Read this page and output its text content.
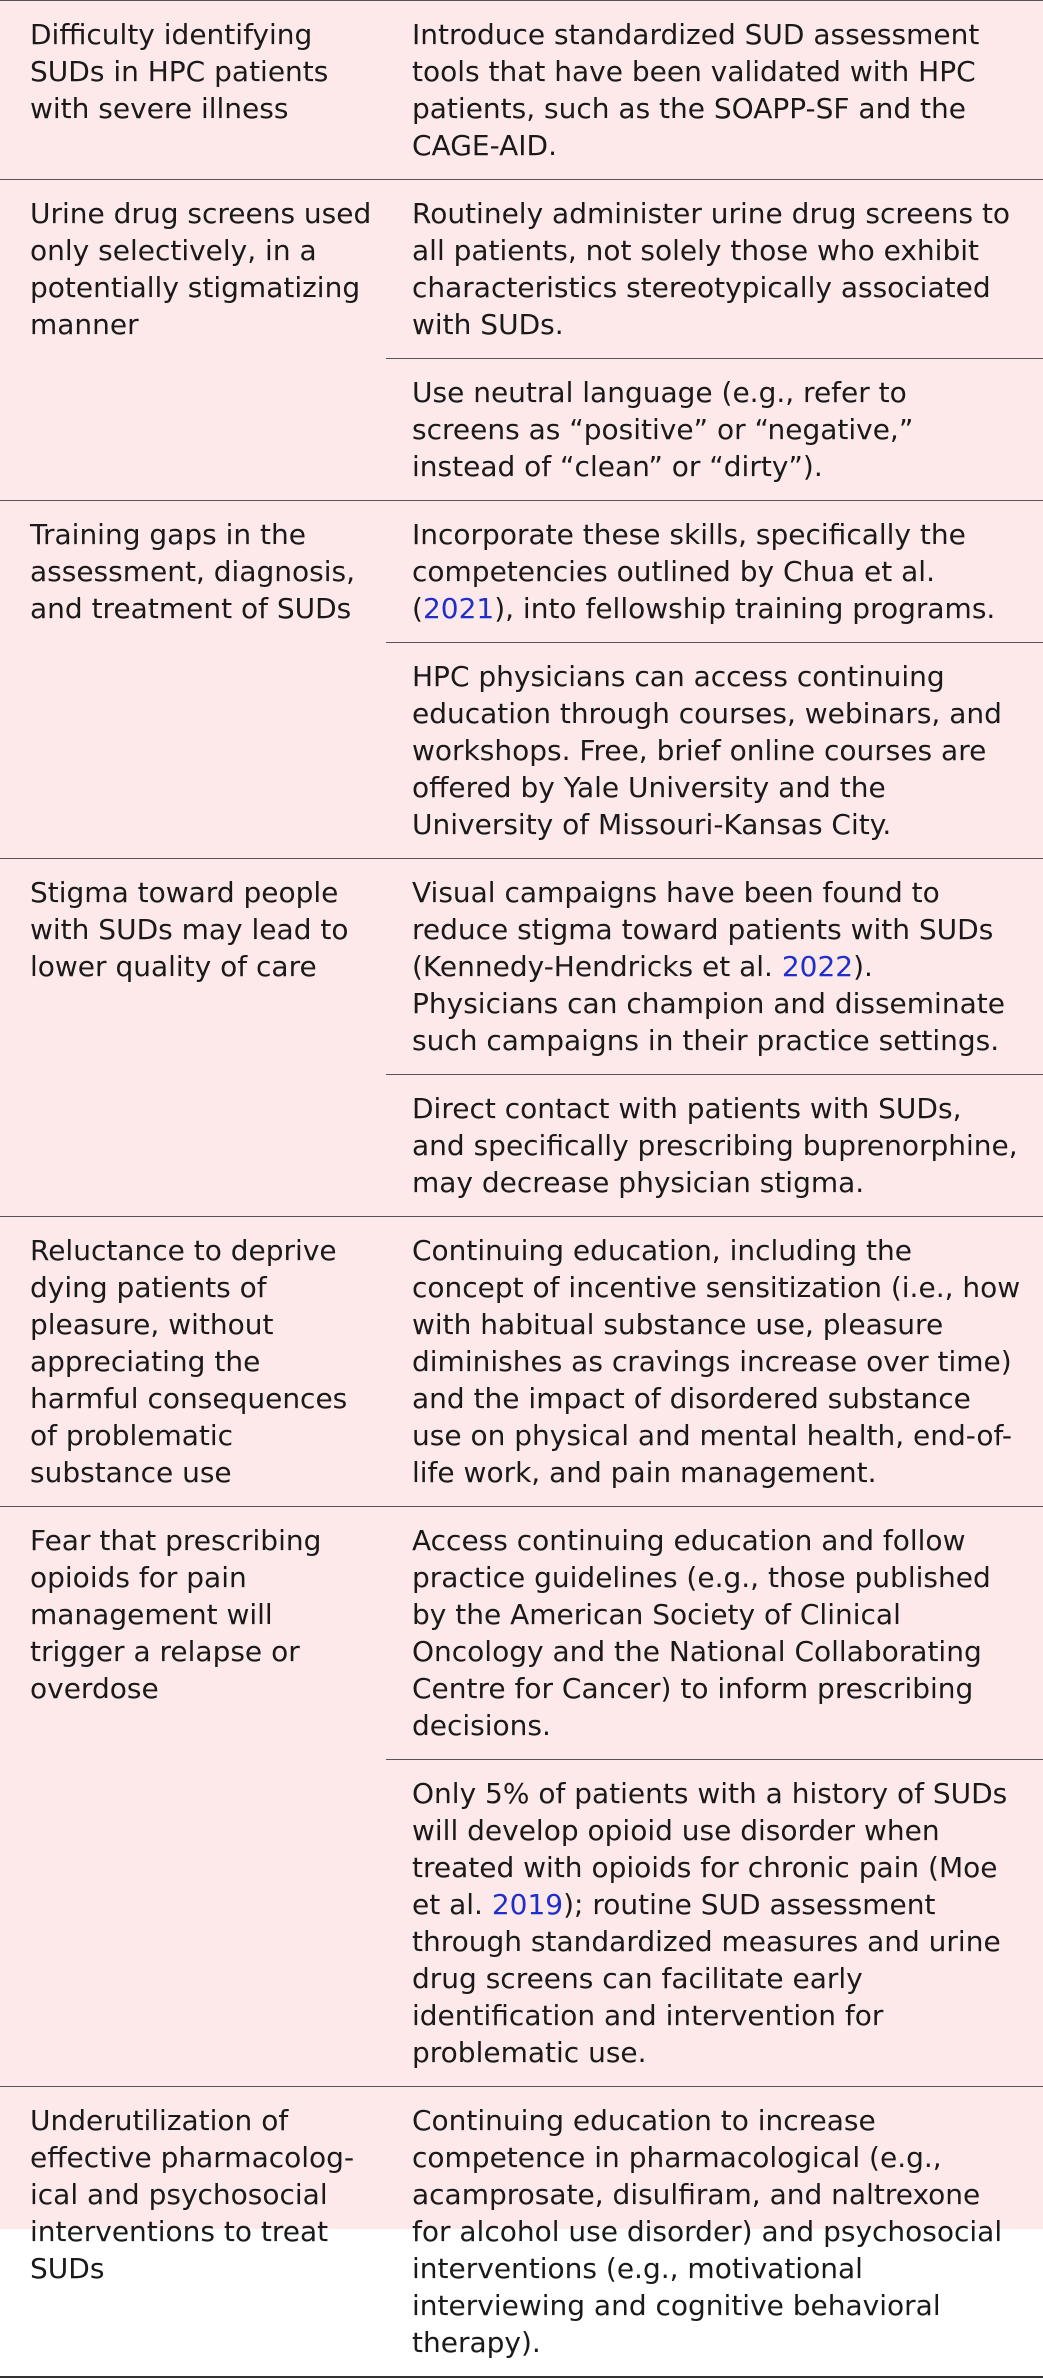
Difficulty identifying SUDs in HPC patients with severe illness	Introduce standardized SUD assessment tools that have been validated with HPC patients, such as the SOAPP-SF and the CAGE-AID.
Urine drug screens used only selectively, in a potentially stigmatizing manner	Routinely administer urine drug screens to all patients, not solely those who exhibit characteristics stereotypically associated with SUDs.
	Use neutral language (e.g., refer to screens as “positive” or “negative,” instead of “clean” or “dirty”).
Training gaps in the assessment, diagnosis, and treatment of SUDs	Incorporate these skills, specifically the competencies outlined by Chua et al. (2021), into fellowship training programs.
	HPC physicians can access continuing education through courses, webinars, and workshops. Free, brief online courses are offered by Yale University and the University of Missouri-Kansas City.
Stigma toward people with SUDs may lead to lower quality of care	Visual campaigns have been found to reduce stigma toward patients with SUDs (Kennedy-Hendricks et al. 2022). Physicians can champion and disseminate such campaigns in their practice settings.
	Direct contact with patients with SUDs, and specifically prescribing buprenorphine, may decrease physician stigma.
Reluctance to deprive dying patients of pleasure, without appreciating the harmful consequences of problematic substance use	Continuing education, including the concept of incentive sensitization (i.e., how with habitual substance use, pleasure diminishes as cravings increase over time) and the impact of disordered substance use on physical and mental health, end-of-life work, and pain management.
Fear that prescribing opioids for pain management will trigger a relapse or overdose	Access continuing education and follow practice guidelines (e.g., those published by the American Society of Clinical Oncology and the National Collaborating Centre for Cancer) to inform prescribing decisions.
	Only 5% of patients with a history of SUDs will develop opioid use disorder when treated with opioids for chronic pain (Moe et al. 2019); routine SUD assessment through standardized measures and urine drug screens can facilitate early identification and intervention for problematic use.
Underutilization of effective pharmacological and psychosocial interventions to treat SUDs	Continuing education to increase competence in pharmacological (e.g., acamprosate, disulfiram, and naltrexone for alcohol use disorder) and psychosocial interventions (e.g., motivational interviewing and cognitive behavioral therapy).
